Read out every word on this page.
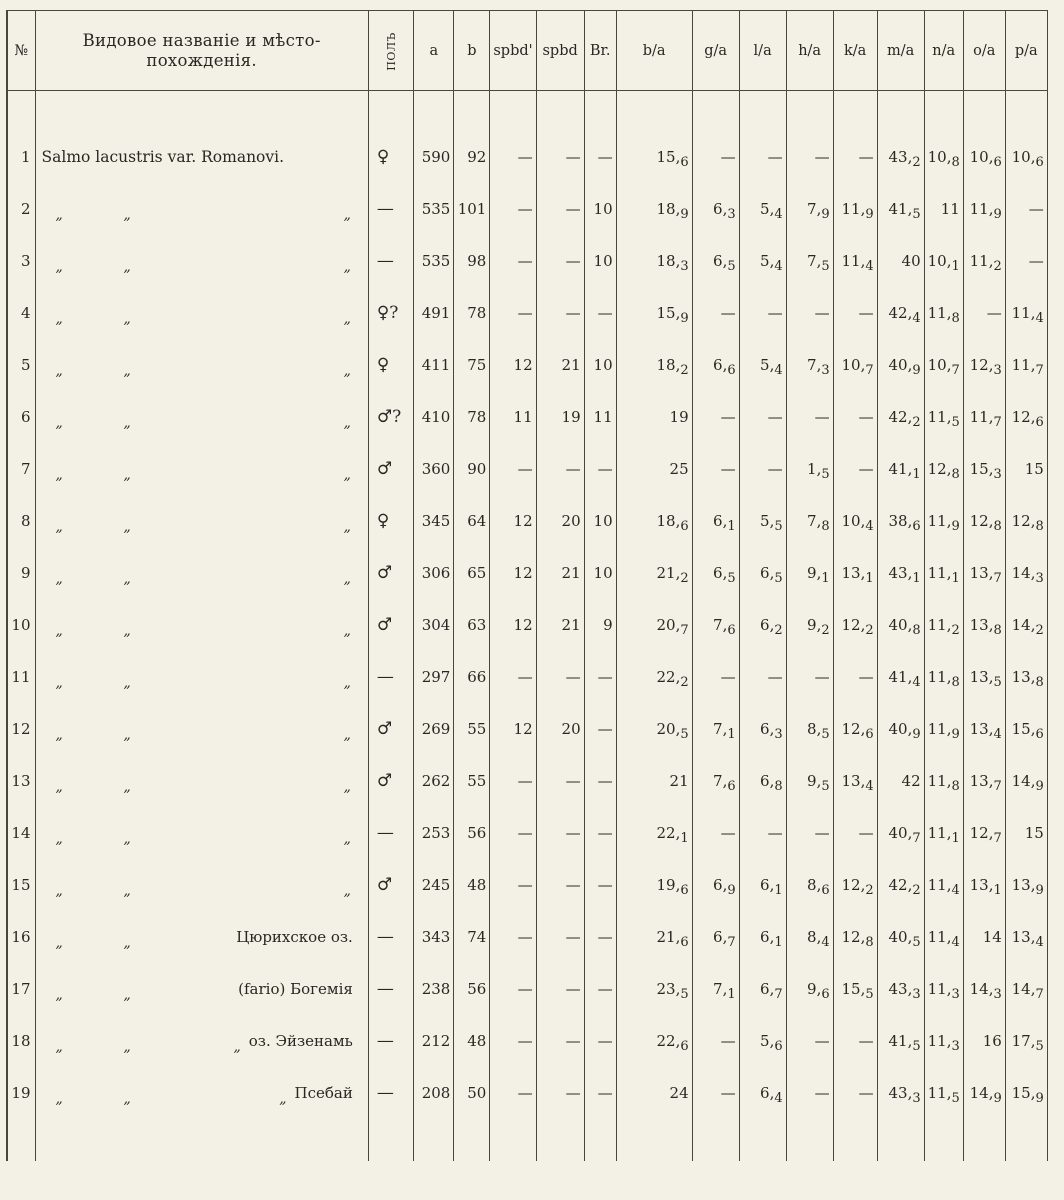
№	Видовое названіе и мѣсто-
похожденія.	ПОЛЪ	a	b	spbd'	spbd	Br.	b/a	g/a	l/a	h/a	k/a	m/a	n/a	o/a	p/a

1	Salmo lacustris var. Romanovi.	♀	590	92	—	—	—	15,6	—	—	—	—	43,2	10,8	10,6	10,6
2	„ „ „	—	535	101	—	—	10	18,9	6,3	5,4	7,9	11,9	41,5	11	11,9	—
3	„ „ „	—	535	98	—	—	10	18,3	6,5	5,4	7,5	11,4	40	10,1	11,2	—
4	„ „ „	♀?	491	78	—	—	—	15,9	—	—	—	—	42,4	11,8	—	11,4
5	„ „ „	♀	411	75	12	21	10	18,2	6,6	5,4	7,3	10,7	40,9	10,7	12,3	11,7
6	„ „ „	♂?	410	78	11	19	11	19	—	—	—	—	42,2	11,5	11,7	12,6
7	„ „ „	♂	360	90	—	—	—	25	—	—	1,5	—	41,1	12,8	15,3	15
8	„ „ „	♀	345	64	12	20	10	18,6	6,1	5,5	7,8	10,4	38,6	11,9	12,8	12,8
9	„ „ „	♂	306	65	12	21	10	21,2	6,5	6,5	9,1	13,1	43,1	11,1	13,7	14,3
10	„ „ „	♂	304	63	12	21	9	20,7	7,6	6,2	9,2	12,2	40,8	11,2	13,8	14,2
11	„ „ „	—	297	66	—	—	—	22,2	—	—	—	—	41,4	11,8	13,5	13,8
12	„ „ „	♂	269	55	12	20	—	20,5	7,1	6,3	8,5	12,6	40,9	11,9	13,4	15,6
13	„ „ „	♂	262	55	—	—	—	21	7,6	6,8	9,5	13,4	42	11,8	13,7	14,9
14	„ „ „	—	253	56	—	—	—	22,1	—	—	—	—	40,7	11,1	12,7	15
15	„ „ „	♂	245	48	—	—	—	19,6	6,9	6,1	8,6	12,2	42,2	11,4	13,1	13,9
16	„ „ Цюрихское оз.	—	343	74	—	—	—	21,6	6,7	6,1	8,4	12,8	40,5	11,4	14	13,4
17	„ „ (fario) Богемія	—	238	56	—	—	—	23,5	7,1	6,7	9,6	15,5	43,3	11,3	14,3	14,7
18	„ „ „ оз. Эйзенамь	—	212	48	—	—	—	22,6	—	5,6	—	—	41,5	11,3	16	17,5
19	„ „ „ Псебай	—	208	50	—	—	—	24	—	6,4	—	—	43,3	11,5	14,9	15,9
